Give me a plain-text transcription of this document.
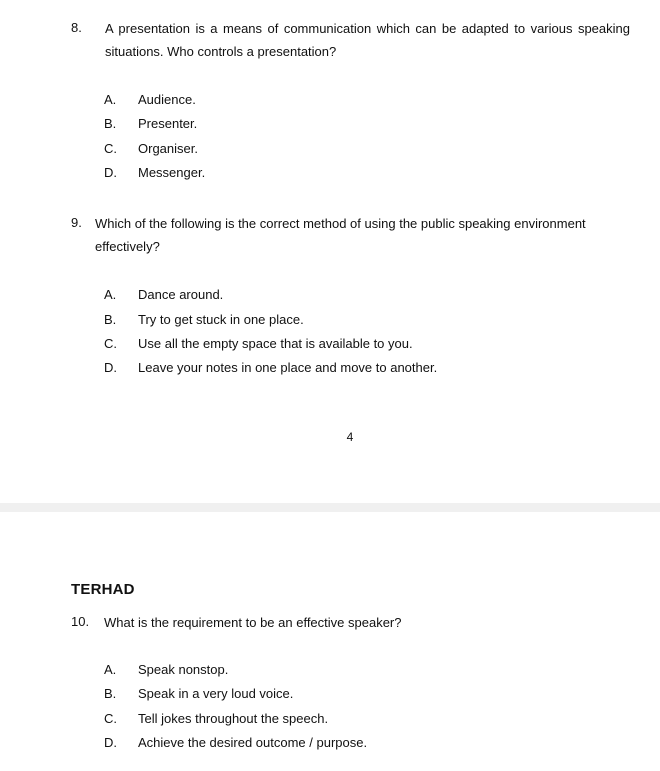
8. A presentation is a means of communication which can be adapted to various speaking situations. Who controls a presentation?
A. Audience.
B. Presenter.
C. Organiser.
D. Messenger.
9. Which of the following is the correct method of using the public speaking environment effectively?
A. Dance around.
B. Try to get stuck in one place.
C. Use all the empty space that is available to you.
D. Leave your notes in one place and move to another.
4
TERHAD
10. What is the requirement to be an effective speaker?
A. Speak nonstop.
B. Speak in a very loud voice.
C. Tell jokes throughout the speech.
D. Achieve the desired outcome / purpose.
